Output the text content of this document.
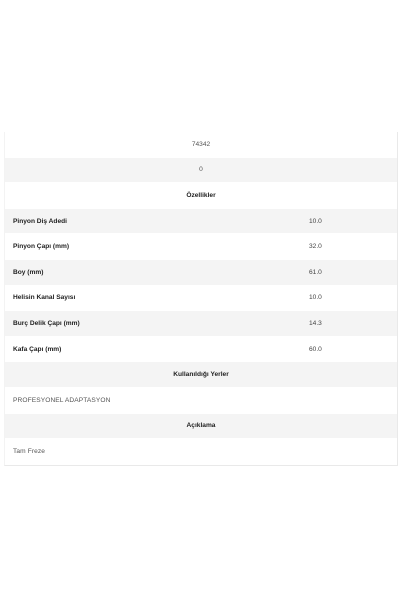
74342
0
Özellikler
Pinyon Diş Adedi	10.0
Pinyon Çapı (mm)	32.0
Boy (mm)	61.0
Helisin Kanal Sayısı	10.0
Burç Delik Çapı (mm)	14.3
Kafa Çapı (mm)	60.0
Kullanıldığı Yerler
PROFESYONEL ADAPTASYON
Açıklama
Tam Freze
